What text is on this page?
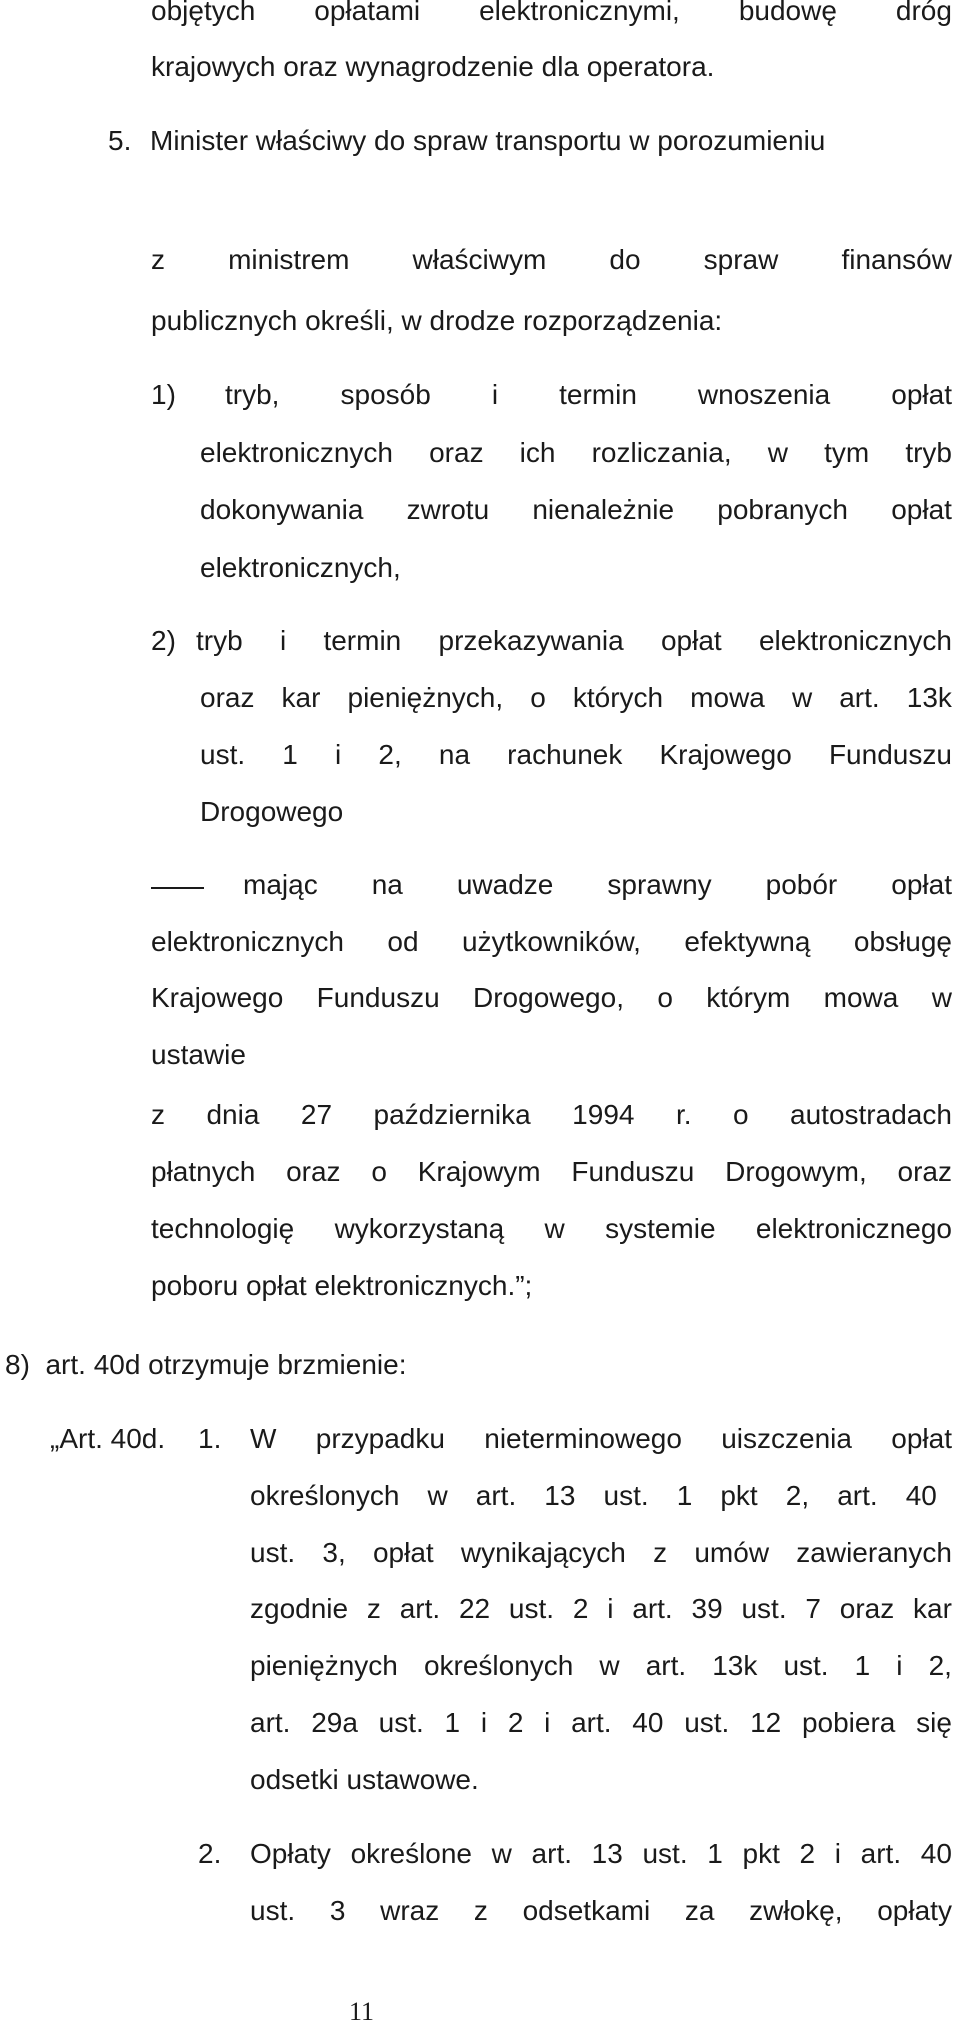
objętych opłatami elektronicznymi, budowę dróg
krajowych oraz wynagrodzenie dla operatora.
5. Minister właściwy do spraw transportu w porozumieniu
z ministrem właściwym do spraw finansów
publicznych określi, w drodze rozporządzenia:
1) tryb, sposób i termin wnoszenia opłat
elektronicznych oraz ich rozliczania, w tym tryb
dokonywania zwrotu nienależnie pobranych opłat
elektronicznych,
2) tryb i termin przekazywania opłat elektronicznych
oraz kar pieniężnych, o których mowa w art. 13k
ust. 1 i 2, na rachunek Krajowego Funduszu
Drogowego
mając na uwadze sprawny pobór opłat
elektronicznych od użytkowników, efektywną obsługę
Krajowego Funduszu Drogowego, o którym mowa w
ustawie
z dnia 27 października 1994 r. o autostradach
płatnych oraz o Krajowym Funduszu Drogowym, oraz
technologię wykorzystaną w systemie elektronicznego
poboru opłat elektronicznych.”;
8)  art. 40d otrzymuje brzmienie:
„Art. 40d. 1. W przypadku nieterminowego uiszczenia opłat
określonych w art. 13 ust. 1 pkt 2, art. 40
ust. 3, opłat wynikających z umów zawieranych
zgodnie z art. 22 ust. 2 i art. 39 ust. 7 oraz kar
pieniężnych określonych w art. 13k ust. 1 i 2,
art. 29a ust. 1 i 2 i art. 40 ust. 12 pobiera się
odsetki ustawowe.
2. Opłaty określone w art. 13 ust. 1 pkt 2 i art. 40
ust. 3 wraz z odsetkami za zwłokę, opłaty
11
